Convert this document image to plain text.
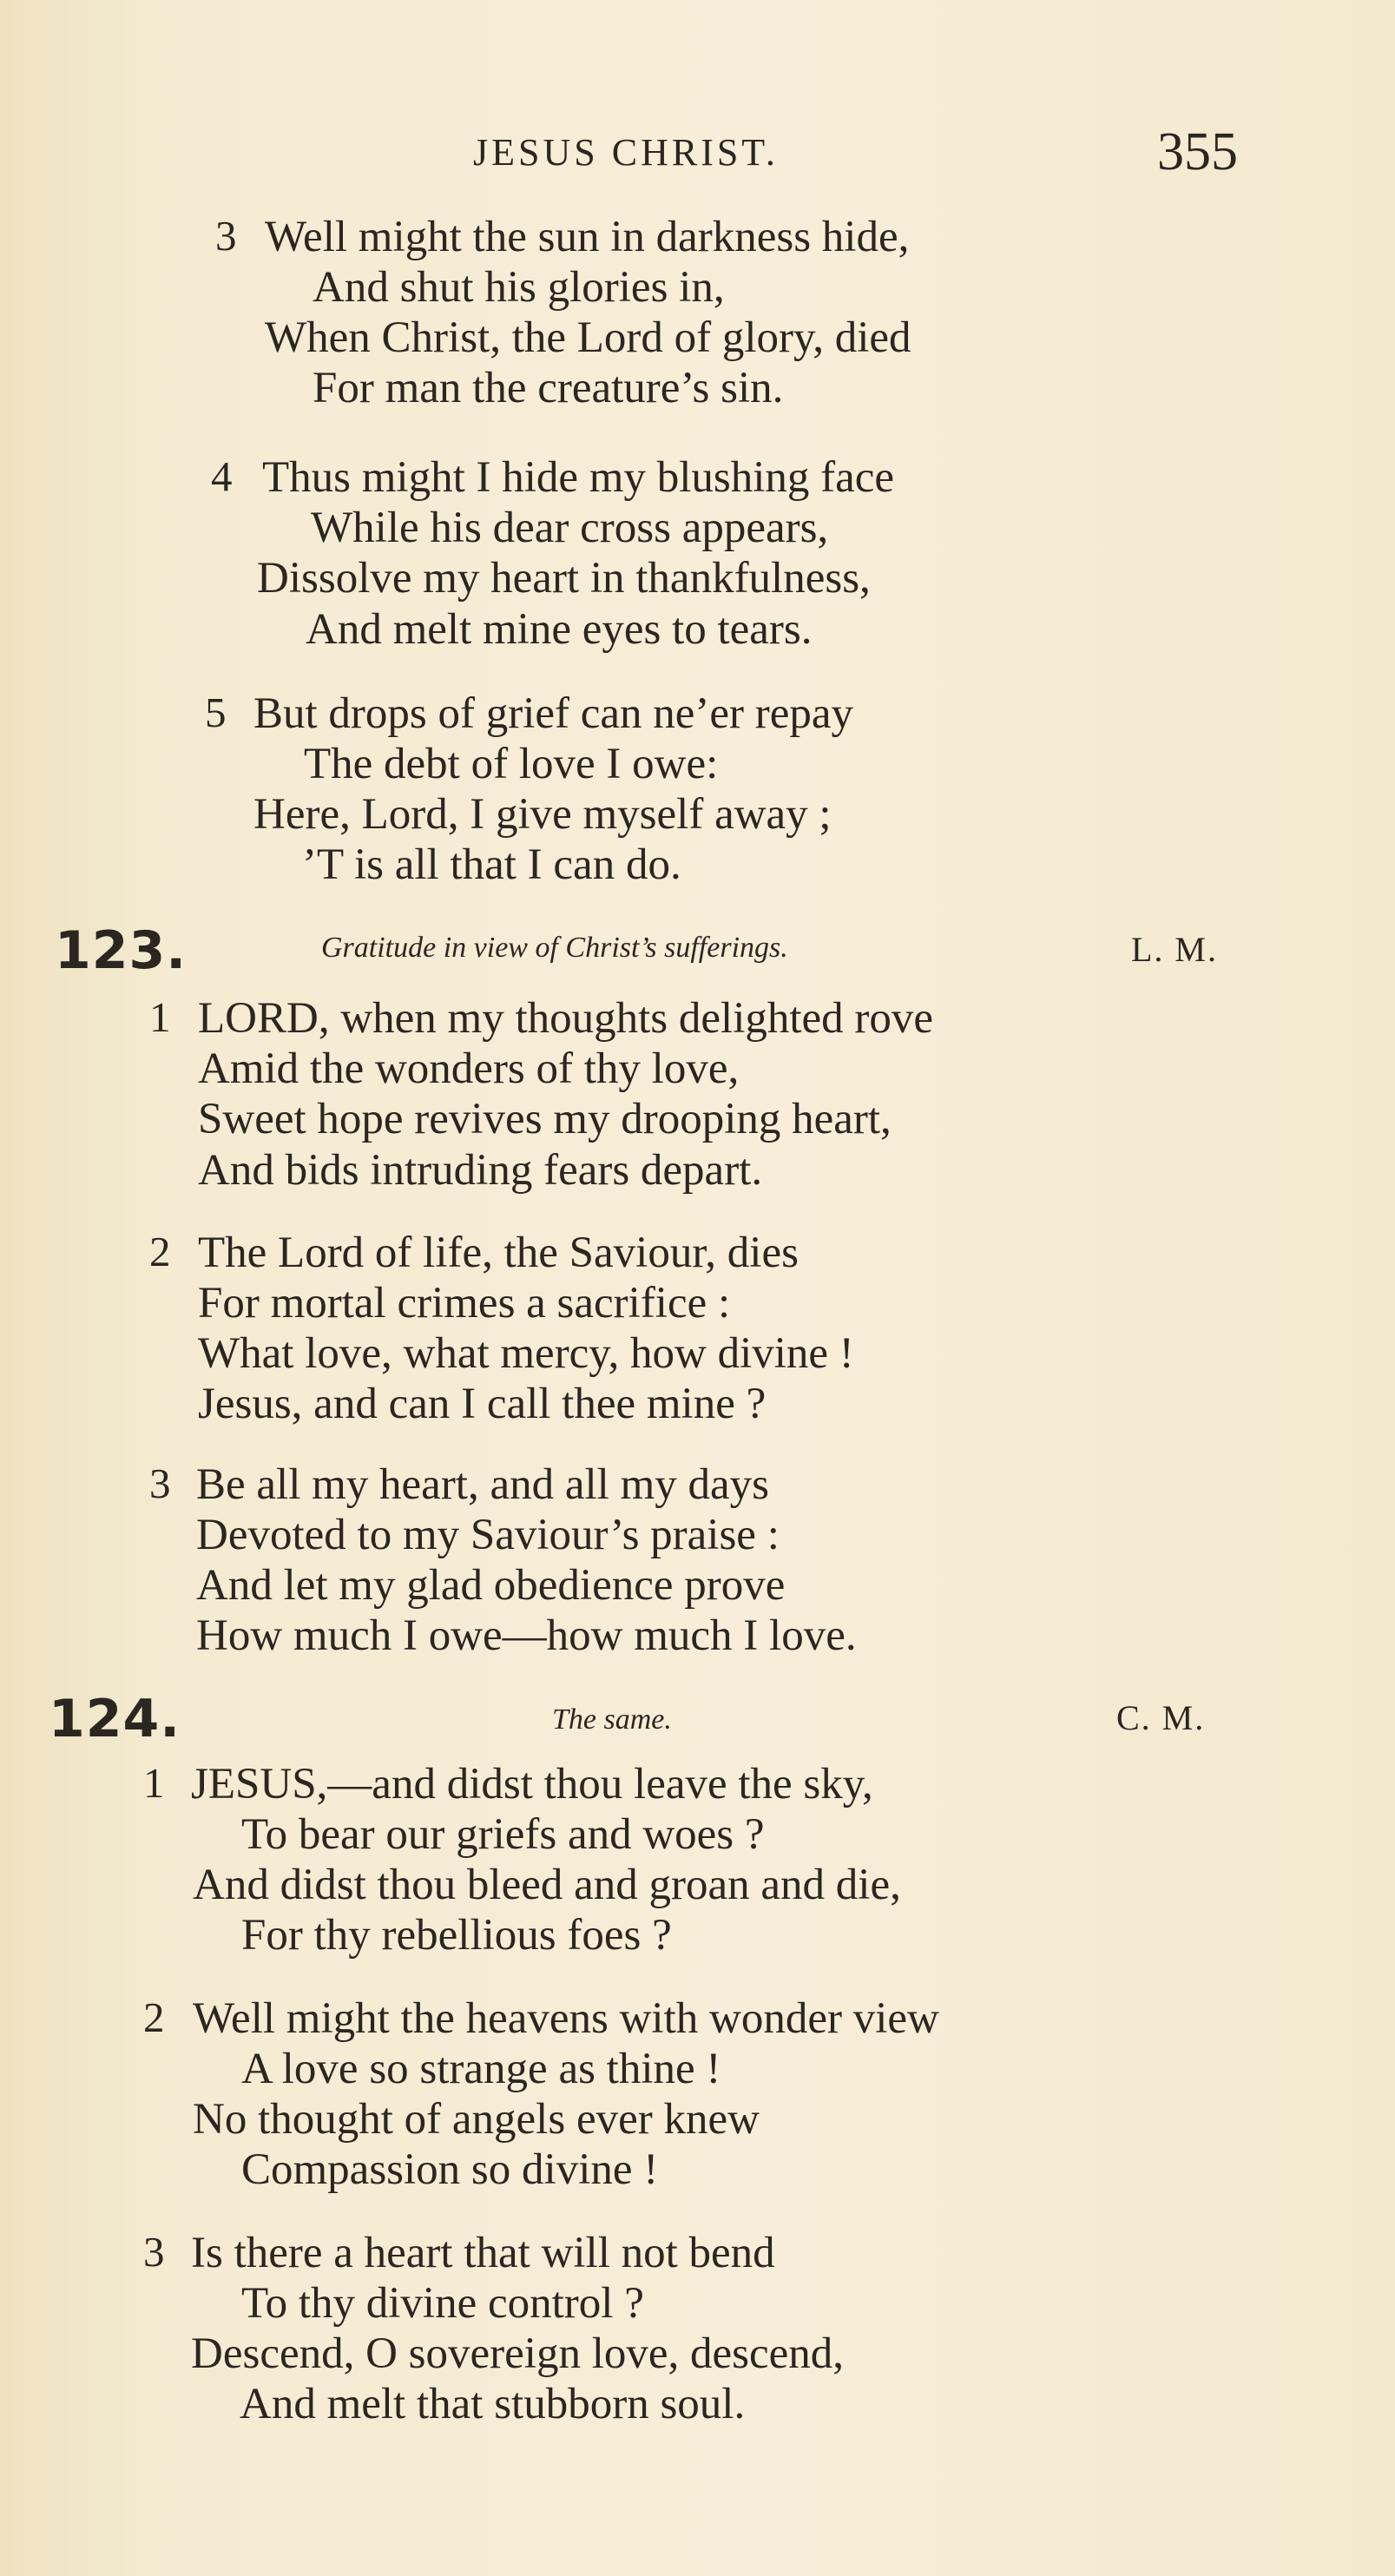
JESUS CHRIST.	355
3 Well might the sun in darkness hide,
And shut his glories in,
When Christ, the Lord of glory, died
For man the creature’s sin.
4 Thus might I hide my blushing face
While his dear cross appears,
Dissolve my heart in thankfulness,
And melt mine eyes to tears.
5 But drops of grief can ne’er repay
The debt of love I owe:
Here, Lord, I give myself away ;
’T is all that I can do.
123.	Gratitude in view of Christ’s sufferings.	L. M.
1 LORD, when my thoughts delighted rove
Amid the wonders of thy love,
Sweet hope revives my drooping heart,
And bids intruding fears depart.
2 The Lord of life, the Saviour, dies
For mortal crimes a sacrifice :
What love, what mercy, how divine !
Jesus, and can I call thee mine ?
3 Be all my heart, and all my days
Devoted to my Saviour’s praise :
And let my glad obedience prove
How much I owe—how much I love.
124.	The same.	C. M.
1 JESUS,—and didst thou leave the sky,
To bear our griefs and woes ?
And didst thou bleed and groan and die,
For thy rebellious foes ?
2 Well might the heavens with wonder view
A love so strange as thine !
No thought of angels ever knew
Compassion so divine !
3 Is there a heart that will not bend
To thy divine control ?
Descend, O sovereign love, descend,
And melt that stubborn soul.
